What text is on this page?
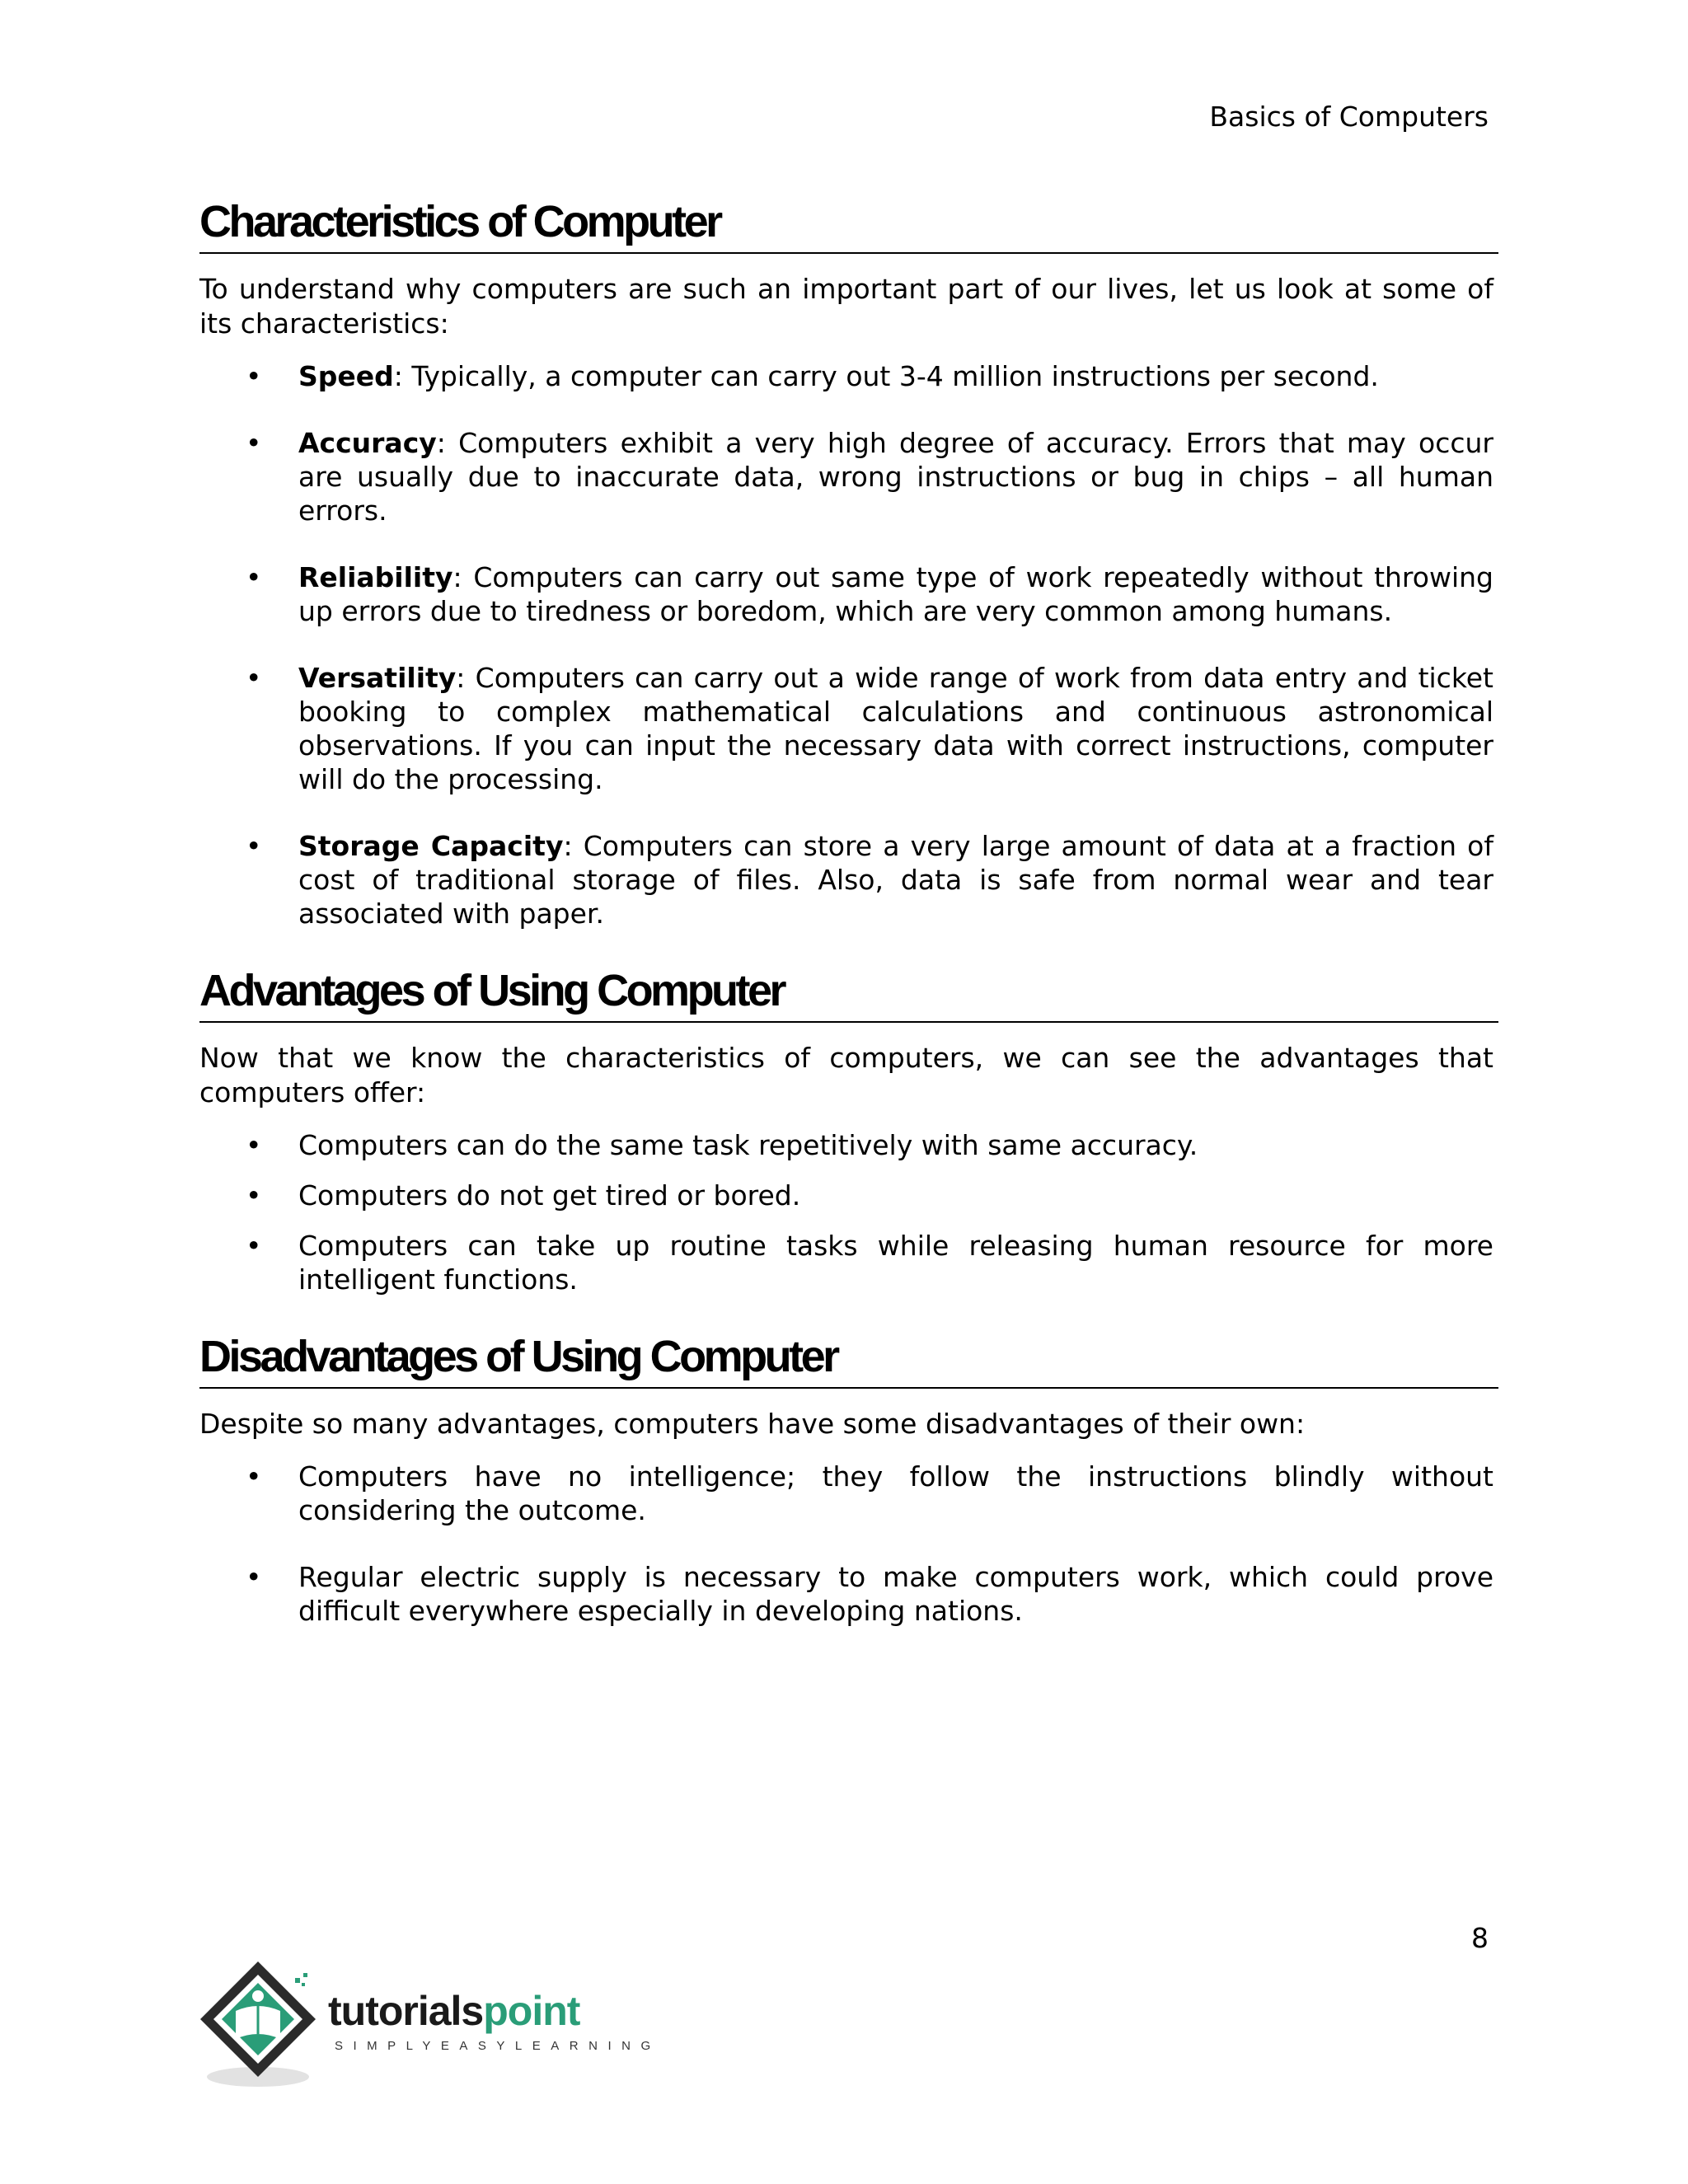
Basics of Computers

Characteristics of Computer

To understand why computers are such an important part of our lives, let us look at some of its characteristics:

• Speed: Typically, a computer can carry out 3-4 million instructions per second.
• Accuracy: Computers exhibit a very high degree of accuracy. Errors that may occur are usually due to inaccurate data, wrong instructions or bug in chips – all human errors.
• Reliability: Computers can carry out same type of work repeatedly without throwing up errors due to tiredness or boredom, which are very common among humans.
• Versatility: Computers can carry out a wide range of work from data entry and ticket booking to complex mathematical calculations and continuous astronomical observations. If you can input the necessary data with correct instructions, computer will do the processing.
• Storage Capacity: Computers can store a very large amount of data at a fraction of cost of traditional storage of files. Also, data is safe from normal wear and tear associated with paper.
Advantages of Using Computer

Now that we know the characteristics of computers, we can see the advantages that computers offer:

• Computers can do the same task repetitively with same accuracy.
• Computers do not get tired or bored.
• Computers can take up routine tasks while releasing human resource for more intelligent functions.
Disadvantages of Using Computer

Despite so many advantages, computers have some disadvantages of their own:

• Computers have no intelligence; they follow the instructions blindly without considering the outcome.
• Regular electric supply is necessary to make computers work, which could prove difficult everywhere especially in developing nations.

8

tutorialspoint
SIMPLYEASYLEARNING
